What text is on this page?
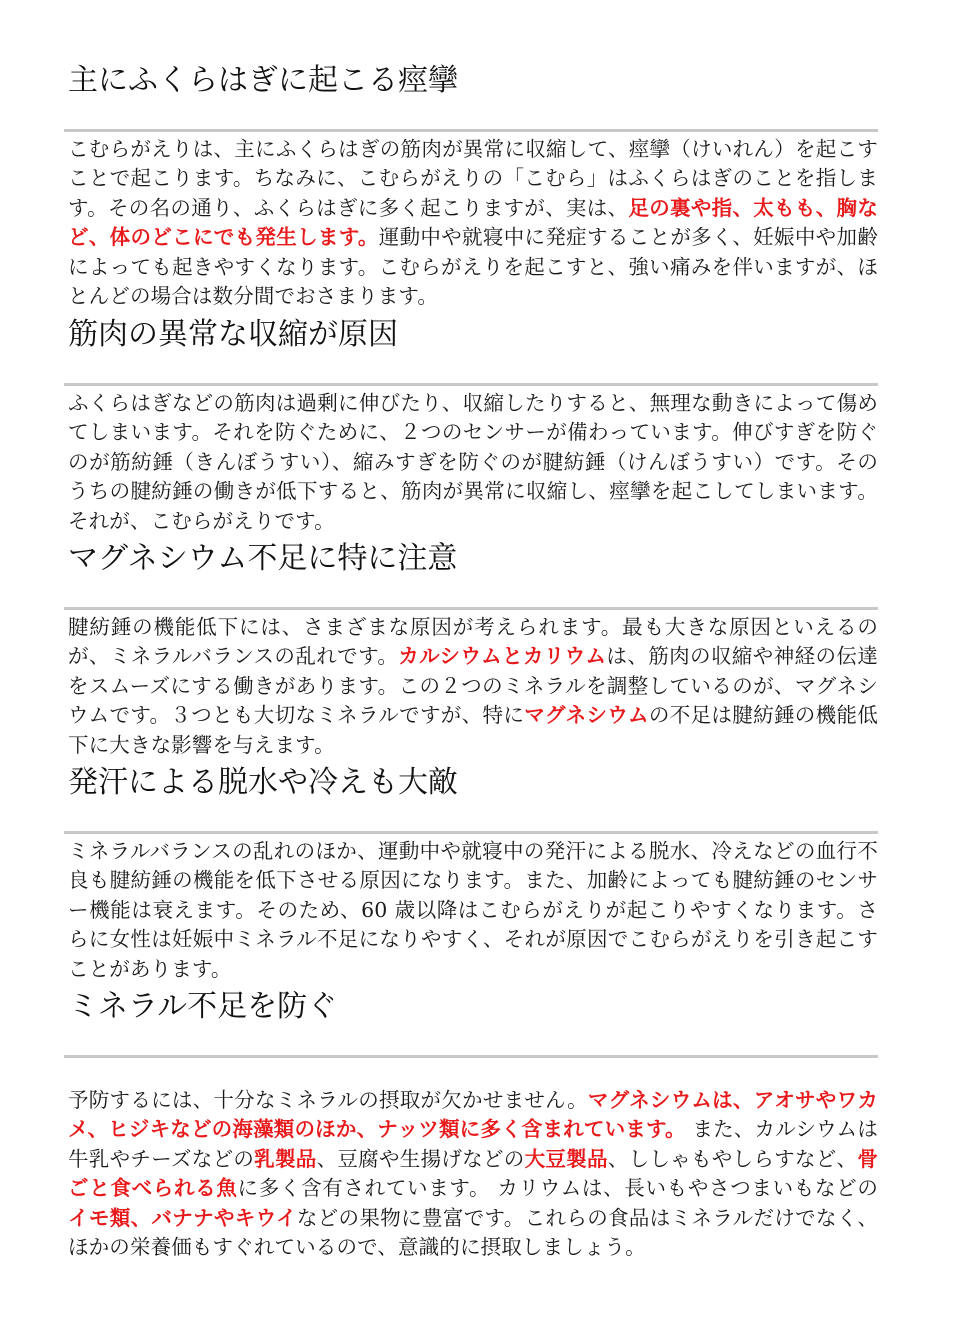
主にふくらはぎに起こる痙攣

こむらがえりは、主にふくらはぎの筋肉が異常に収縮して、痙攣（けいれん）を起こすことで起こります。ちなみに、こむらがえりの「こむら」はふくらはぎのことを指します。その名の通り、ふくらはぎに多く起こりますが、実は、足の裏や指、太もも、胸など、体のどこにでも発生します。運動中や就寝中に発症することが多く、妊娠中や加齢によっても起きやすくなります。こむらがえりを起こすと、強い痛みを伴いますが、ほとんどの場合は数分間でおさまります。

筋肉の異常な収縮が原因

ふくらはぎなどの筋肉は過剰に伸びたり、収縮したりすると、無理な動きによって傷めてしまいます。それを防ぐために、２つのセンサーが備わっています。伸びすぎを防ぐのが筋紡錘（きんぼうすい）、縮みすぎを防ぐのが腱紡錘（けんぼうすい）です。そのうちの腱紡錘の働きが低下すると、筋肉が異常に収縮し、痙攣を起こしてしまいます。それが、こむらがえりです。

マグネシウム不足に特に注意

腱紡錘の機能低下には、さまざまな原因が考えられます。最も大きな原因といえるのが、ミネラルバランスの乱れです。カルシウムとカリウムは、筋肉の収縮や神経の伝達をスムーズにする働きがあります。この２つのミネラルを調整しているのが、マグネシウムです。３つとも大切なミネラルですが、特にマグネシウムの不足は腱紡錘の機能低下に大きな影響を与えます。

発汗による脱水や冷えも大敵

ミネラルバランスの乱れのほか、運動中や就寝中の発汗による脱水、冷えなどの血行不良も腱紡錘の機能を低下させる原因になります。また、加齢によっても腱紡錘のセンサー機能は衰えます。そのため、60 歳以降はこむらがえりが起こりやすくなります。さらに女性は妊娠中ミネラル不足になりやすく、それが原因でこむらがえりを引き起こすことがあります。

ミネラル不足を防ぐ

予防するには、十分なミネラルの摂取が欠かせません。マグネシウムは、アオサやワカメ、ヒジキなどの海藻類のほか、ナッツ類に多く含まれています。 また、カルシウムは牛乳やチーズなどの乳製品、豆腐や生揚げなどの大豆製品、ししゃもやしらすなど、骨ごと食べられる魚に多く含有されています。 カリウムは、長いもやさつまいもなどのイモ類、バナナやキウイなどの果物に豊富です。これらの食品はミネラルだけでなく、ほかの栄養価もすぐれているので、意識的に摂取しましょう。
